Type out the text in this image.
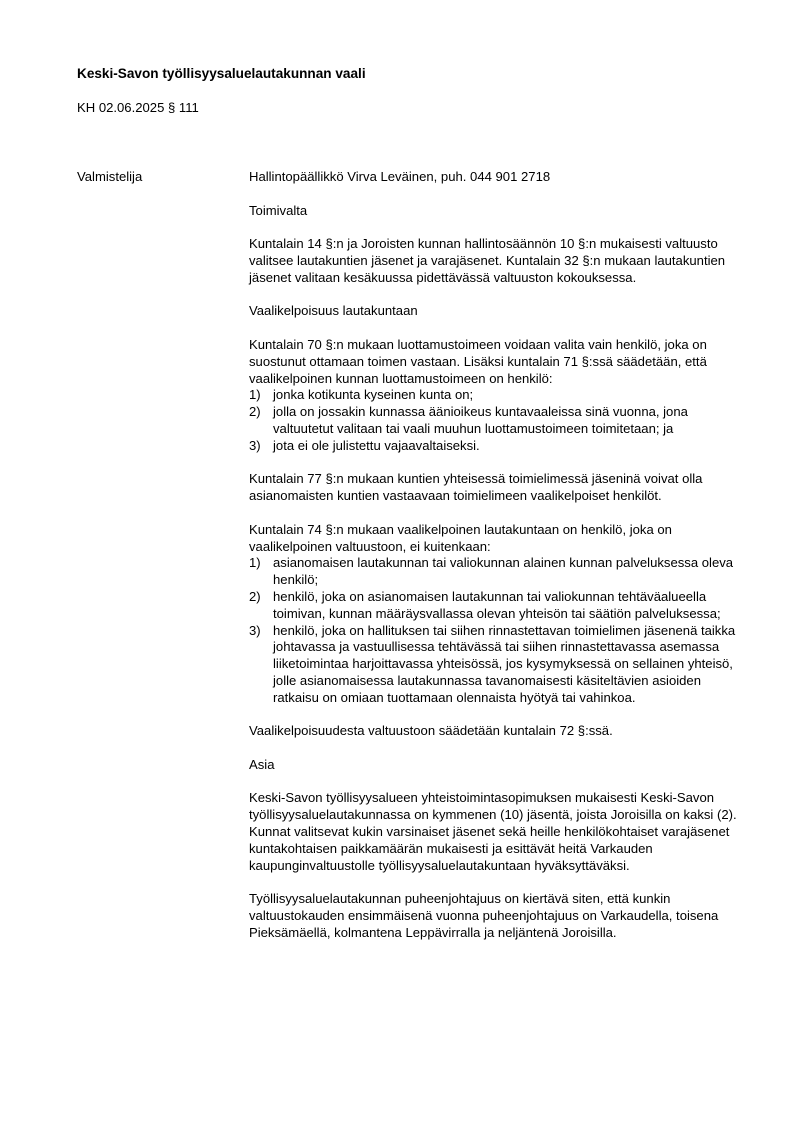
Keski-Savon työllisyysaluelautakunnan vaali
KH 02.06.2025 § 111
Valmistelija	Hallintopäällikkö Virva Leväinen, puh. 044 901 2718

Toimivalta

Kuntalain 14 §:n ja Joroisten kunnan hallintosäännön 10 §:n mukaisesti valtuusto valitsee lautakuntien jäsenet ja varajäsenet. Kuntalain 32 §:n mukaan lautakuntien jäsenet valitaan kesäkuussa pidettävässä valtuuston kokouksessa.

Vaalikelpoisuus lautakuntaan

Kuntalain 70 §:n mukaan luottamustoimeen voidaan valita vain henkilö, joka on suostunut ottamaan toimen vastaan. Lisäksi kuntalain 71 §:ssä säädetään, että vaalikelpoinen kunnan luottamustoimeen on henkilö:

1) jonka kotikunta kyseinen kunta on;
2) jolla on jossakin kunnassa äänioikeus kuntavaaleissa sinä vuonna, jona valtuutetut valitaan tai vaali muuhun luottamustoimeen toimitetaan; ja
3) jota ei ole julistettu vajaavaltaiseksi.

Kuntalain 77 §:n mukaan kuntien yhteisessä toimielimessä jäseninä voivat olla asianomaisten kuntien vastaavaan toimielimeen vaalikelpoiset henkilöt.

Kuntalain 74 §:n mukaan vaalikelpoinen lautakuntaan on henkilö, joka on vaalikelpoinen valtuustoon, ei kuitenkaan:

1) asianomaisen lautakunnan tai valiokunnan alainen kunnan palveluksessa oleva henkilö;
2) henkilö, joka on asianomaisen lautakunnan tai valiokunnan tehtäväalueella toimivan, kunnan määräysvallassa olevan yhteisön tai säätiön palveluksessa;
3) henkilö, joka on hallituksen tai siihen rinnastettavan toimielimen jäsenenä taikka johtavassa ja vastuullisessa tehtävässä tai siihen rinnastettavassa asemassa liiketoimintaa harjoittavassa yhteisössä, jos kysymyksessä on sellainen yhteisö, jolle asianomaisessa lautakunnassa tavanomaisesti käsiteltävien asioiden ratkaisu on omiaan tuottamaan olennaista hyötyä tai vahinkoa.

Vaalikelpoisuudesta valtuustoon säädetään kuntalain 72 §:ssä.

Asia

Keski-Savon työllisyysalueen yhteistoimintasopimuksen mukaisesti Keski-Savon työllisyysaluelautakunnassa on kymmenen (10) jäsentä, joista Joroisilla on kaksi (2). Kunnat valitsevat kukin varsinaiset jäsenet sekä heille henkilökohtaiset varajäsenet kuntakohtaisen paikkamäärän mukaisesti ja esittävät heitä Varkauden kaupunginvaltuustolle työllisyysaluelautakuntaan hyväksyttäväksi.

Työllisyysaluelautakunnan puheenjohtajuus on kiertävä siten, että kunkin valtuustokauden ensimmäisenä vuonna puheenjohtajuus on Varkaudella, toisena Pieksämäellä, kolmantena Leppävirralla ja neljäntenä Joroisilla.
